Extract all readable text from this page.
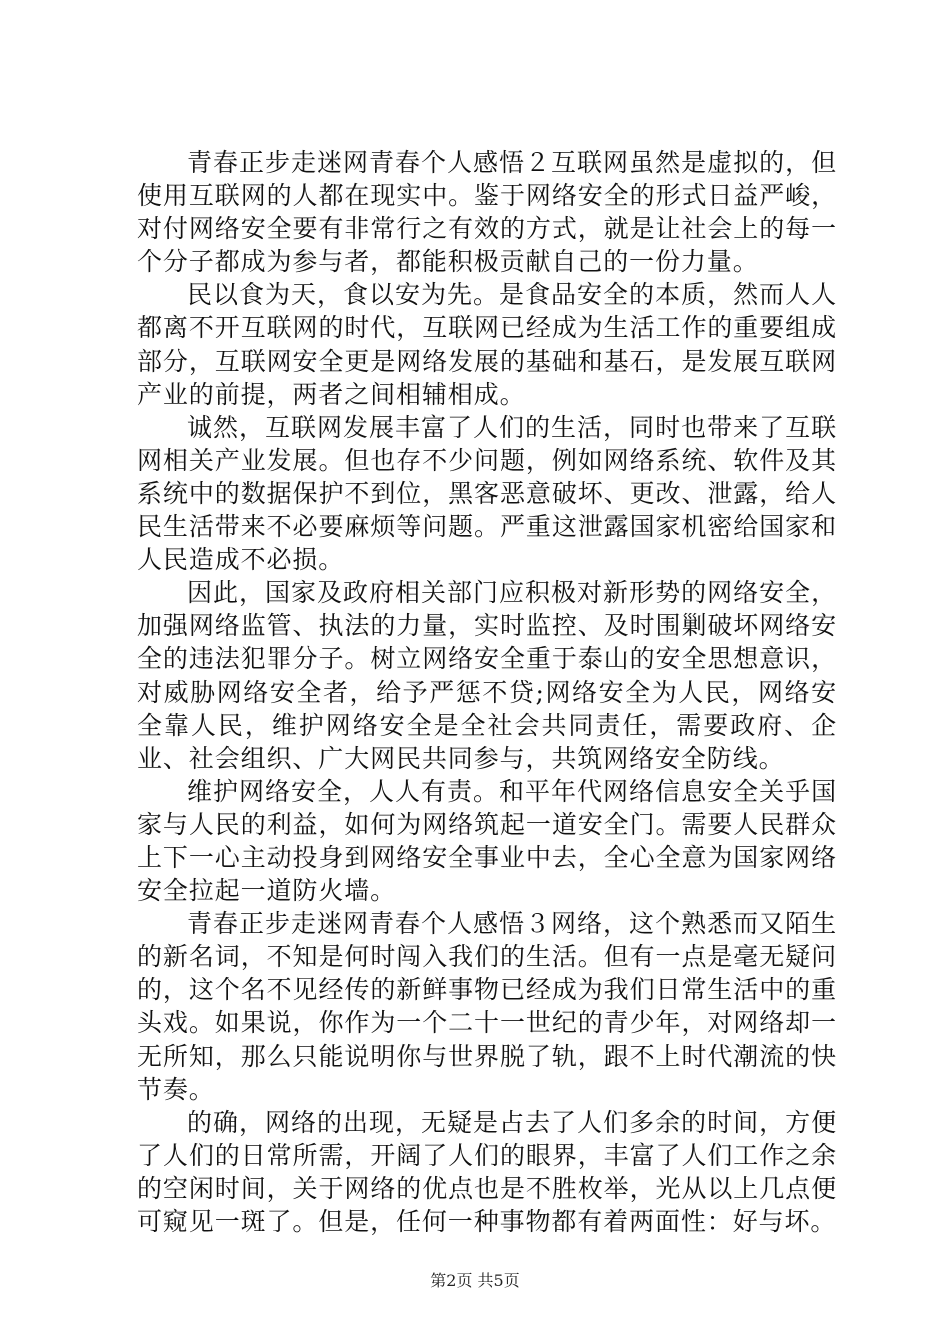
青春正步走迷网青春个人感悟２互联网虽然是虚拟的，但使用互联网的人都在现实中。鉴于网络安全的形式日益严峻，对付网络安全要有非常行之有效的方式，就是让社会上的每一个分子都成为参与者，都能积极贡献自己的一份力量。

民以食为天，食以安为先。是食品安全的本质，然而人人都离不开互联网的时代，互联网已经成为生活工作的重要组成部分，互联网安全更是网络发展的基础和基石，是发展互联网产业的前提，两者之间相辅相成。

诚然，互联网发展丰富了人们的生活，同时也带来了互联网相关产业发展。但也存不少问题，例如网络系统、软件及其系统中的数据保护不到位，黑客恶意破坏、更改、泄露，给人民生活带来不必要麻烦等问题。严重这泄露国家机密给国家和人民造成不必损。

因此，国家及政府相关部门应积极对新形势的网络安全，加强网络监管、执法的力量，实时监控、及时围剿破坏网络安全的违法犯罪分子。树立网络安全重于泰山的安全思想意识，对威胁网络安全者，给予严惩不贷;网络安全为人民，网络安全靠人民，维护网络安全是全社会共同责任，需要政府、企业、社会组织、广大网民共同参与，共筑网络安全防线。

维护网络安全，人人有责。和平年代网络信息安全关乎国家与人民的利益，如何为网络筑起一道安全门。需要人民群众上下一心主动投身到网络安全事业中去，全心全意为国家网络安全拉起一道防火墙。

青春正步走迷网青春个人感悟３网络，这个熟悉而又陌生的新名词，不知是何时闯入我们的生活。但有一点是毫无疑问的，这个名不见经传的新鲜事物已经成为我们日常生活中的重头戏。如果说，你作为一个二十一世纪的青少年，对网络却一无所知，那么只能说明你与世界脱了轨，跟不上时代潮流的快节奏。

的确，网络的出现，无疑是占去了人们多余的时间，方便了人们的日常所需，开阔了人们的眼界，丰富了人们工作之余的空闲时间，关于网络的优点也是不胜枚举，光从以上几点便可窥见一斑了。但是，任何一种事物都有着两面性：好与坏。

第2页 共5页
